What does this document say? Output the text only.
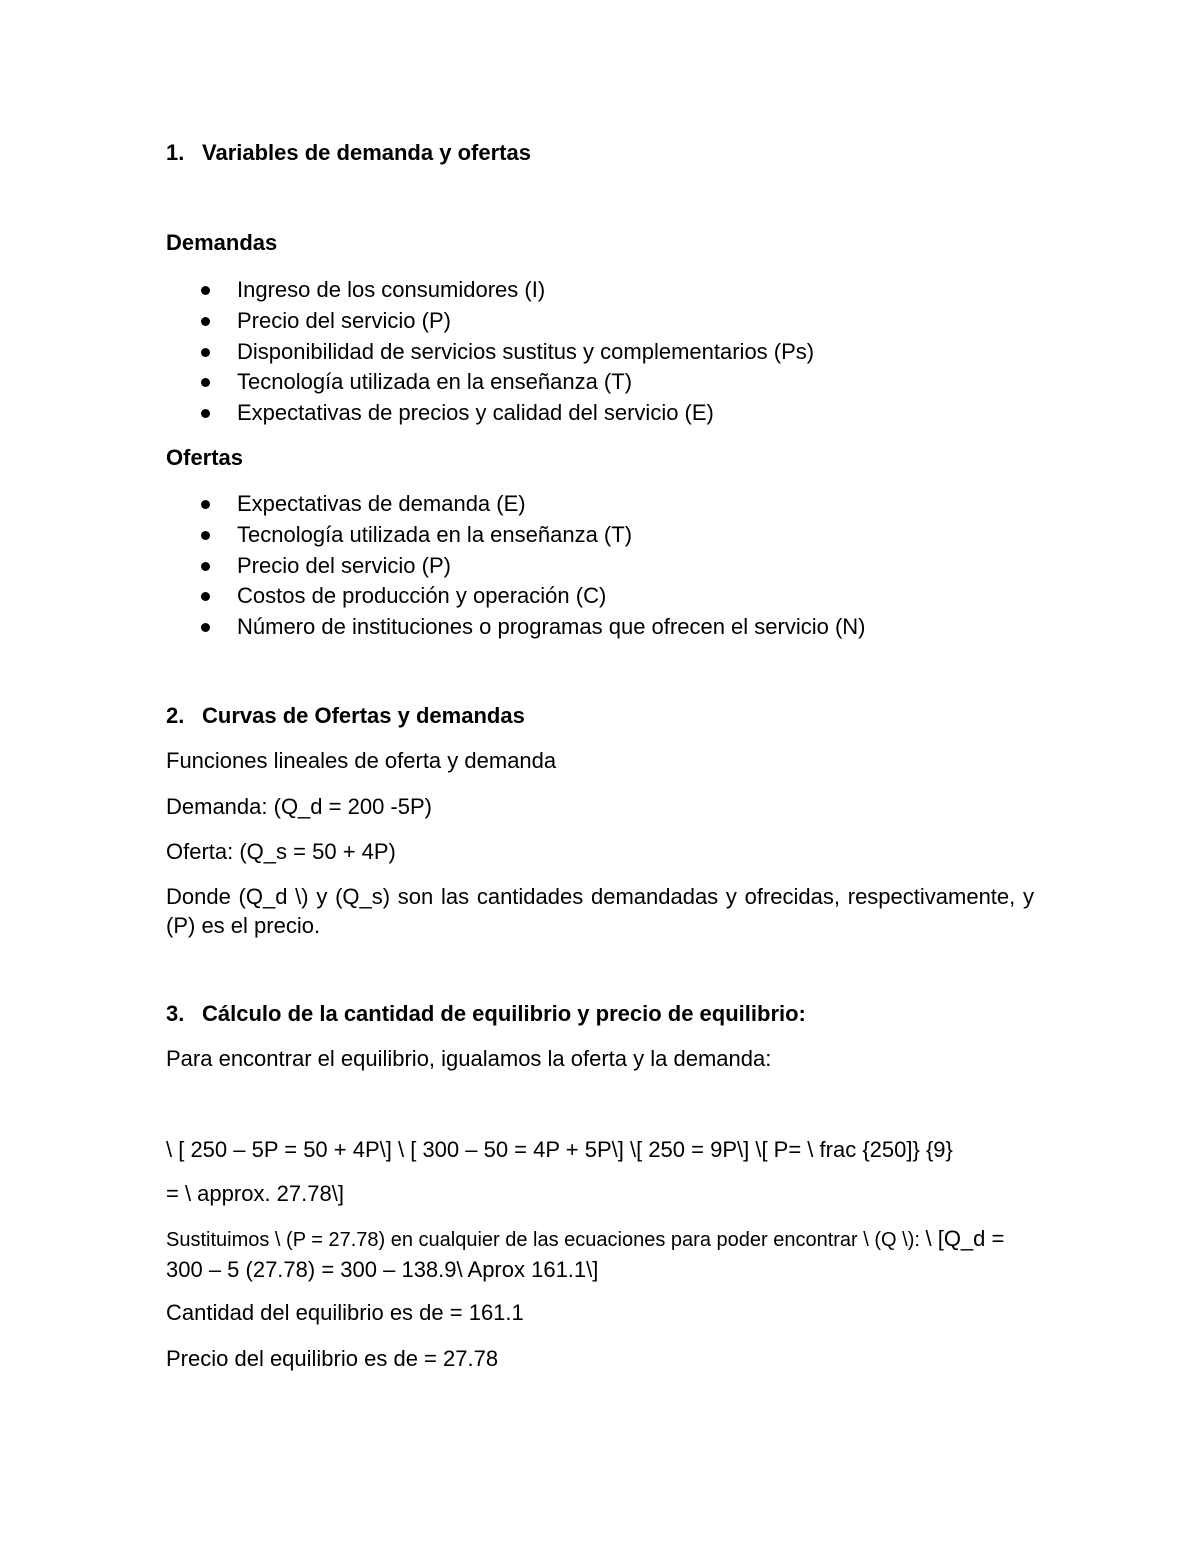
1. Variables de demanda y ofertas
Demandas
Ingreso de los consumidores (I)
Precio del servicio (P)
Disponibilidad de servicios sustitus y complementarios (Ps)
Tecnología utilizada en la enseñanza (T)
Expectativas de precios y calidad del servicio (E)
Ofertas
Expectativas de demanda (E)
Tecnología utilizada en la enseñanza (T)
Precio del servicio (P)
Costos de producción y operación (C)
Número de instituciones o programas que ofrecen el servicio (N)
2. Curvas de Ofertas y demandas
Funciones lineales de oferta y demanda
Demanda: (Q_d = 200 -5P)
Oferta: (Q_s = 50 + 4P)
Donde (Q_d \) y (Q_s) son las cantidades demandadas y ofrecidas, respectivamente, y (P) es el precio.
3. Cálculo de la cantidad de equilibrio y precio de equilibrio:
Para encontrar el equilibrio, igualamos la oferta y la demanda:
\ [ 250 – 5P = 50 + 4P\] \ [ 300 – 50 = 4P + 5P\] \[ 250 = 9P\] \[ P= \ frac {250]} {9}
= \ approx. 27.78\]
Sustituimos \ (P = 27.78) en cualquier de las ecuaciones para poder encontrar \ (Q \): \ [Q_d = 300 – 5 (27.78) = 300 – 138.9\ Aprox 161.1\]
Cantidad del equilibrio es de = 161.1
Precio del equilibrio es de = 27.78
